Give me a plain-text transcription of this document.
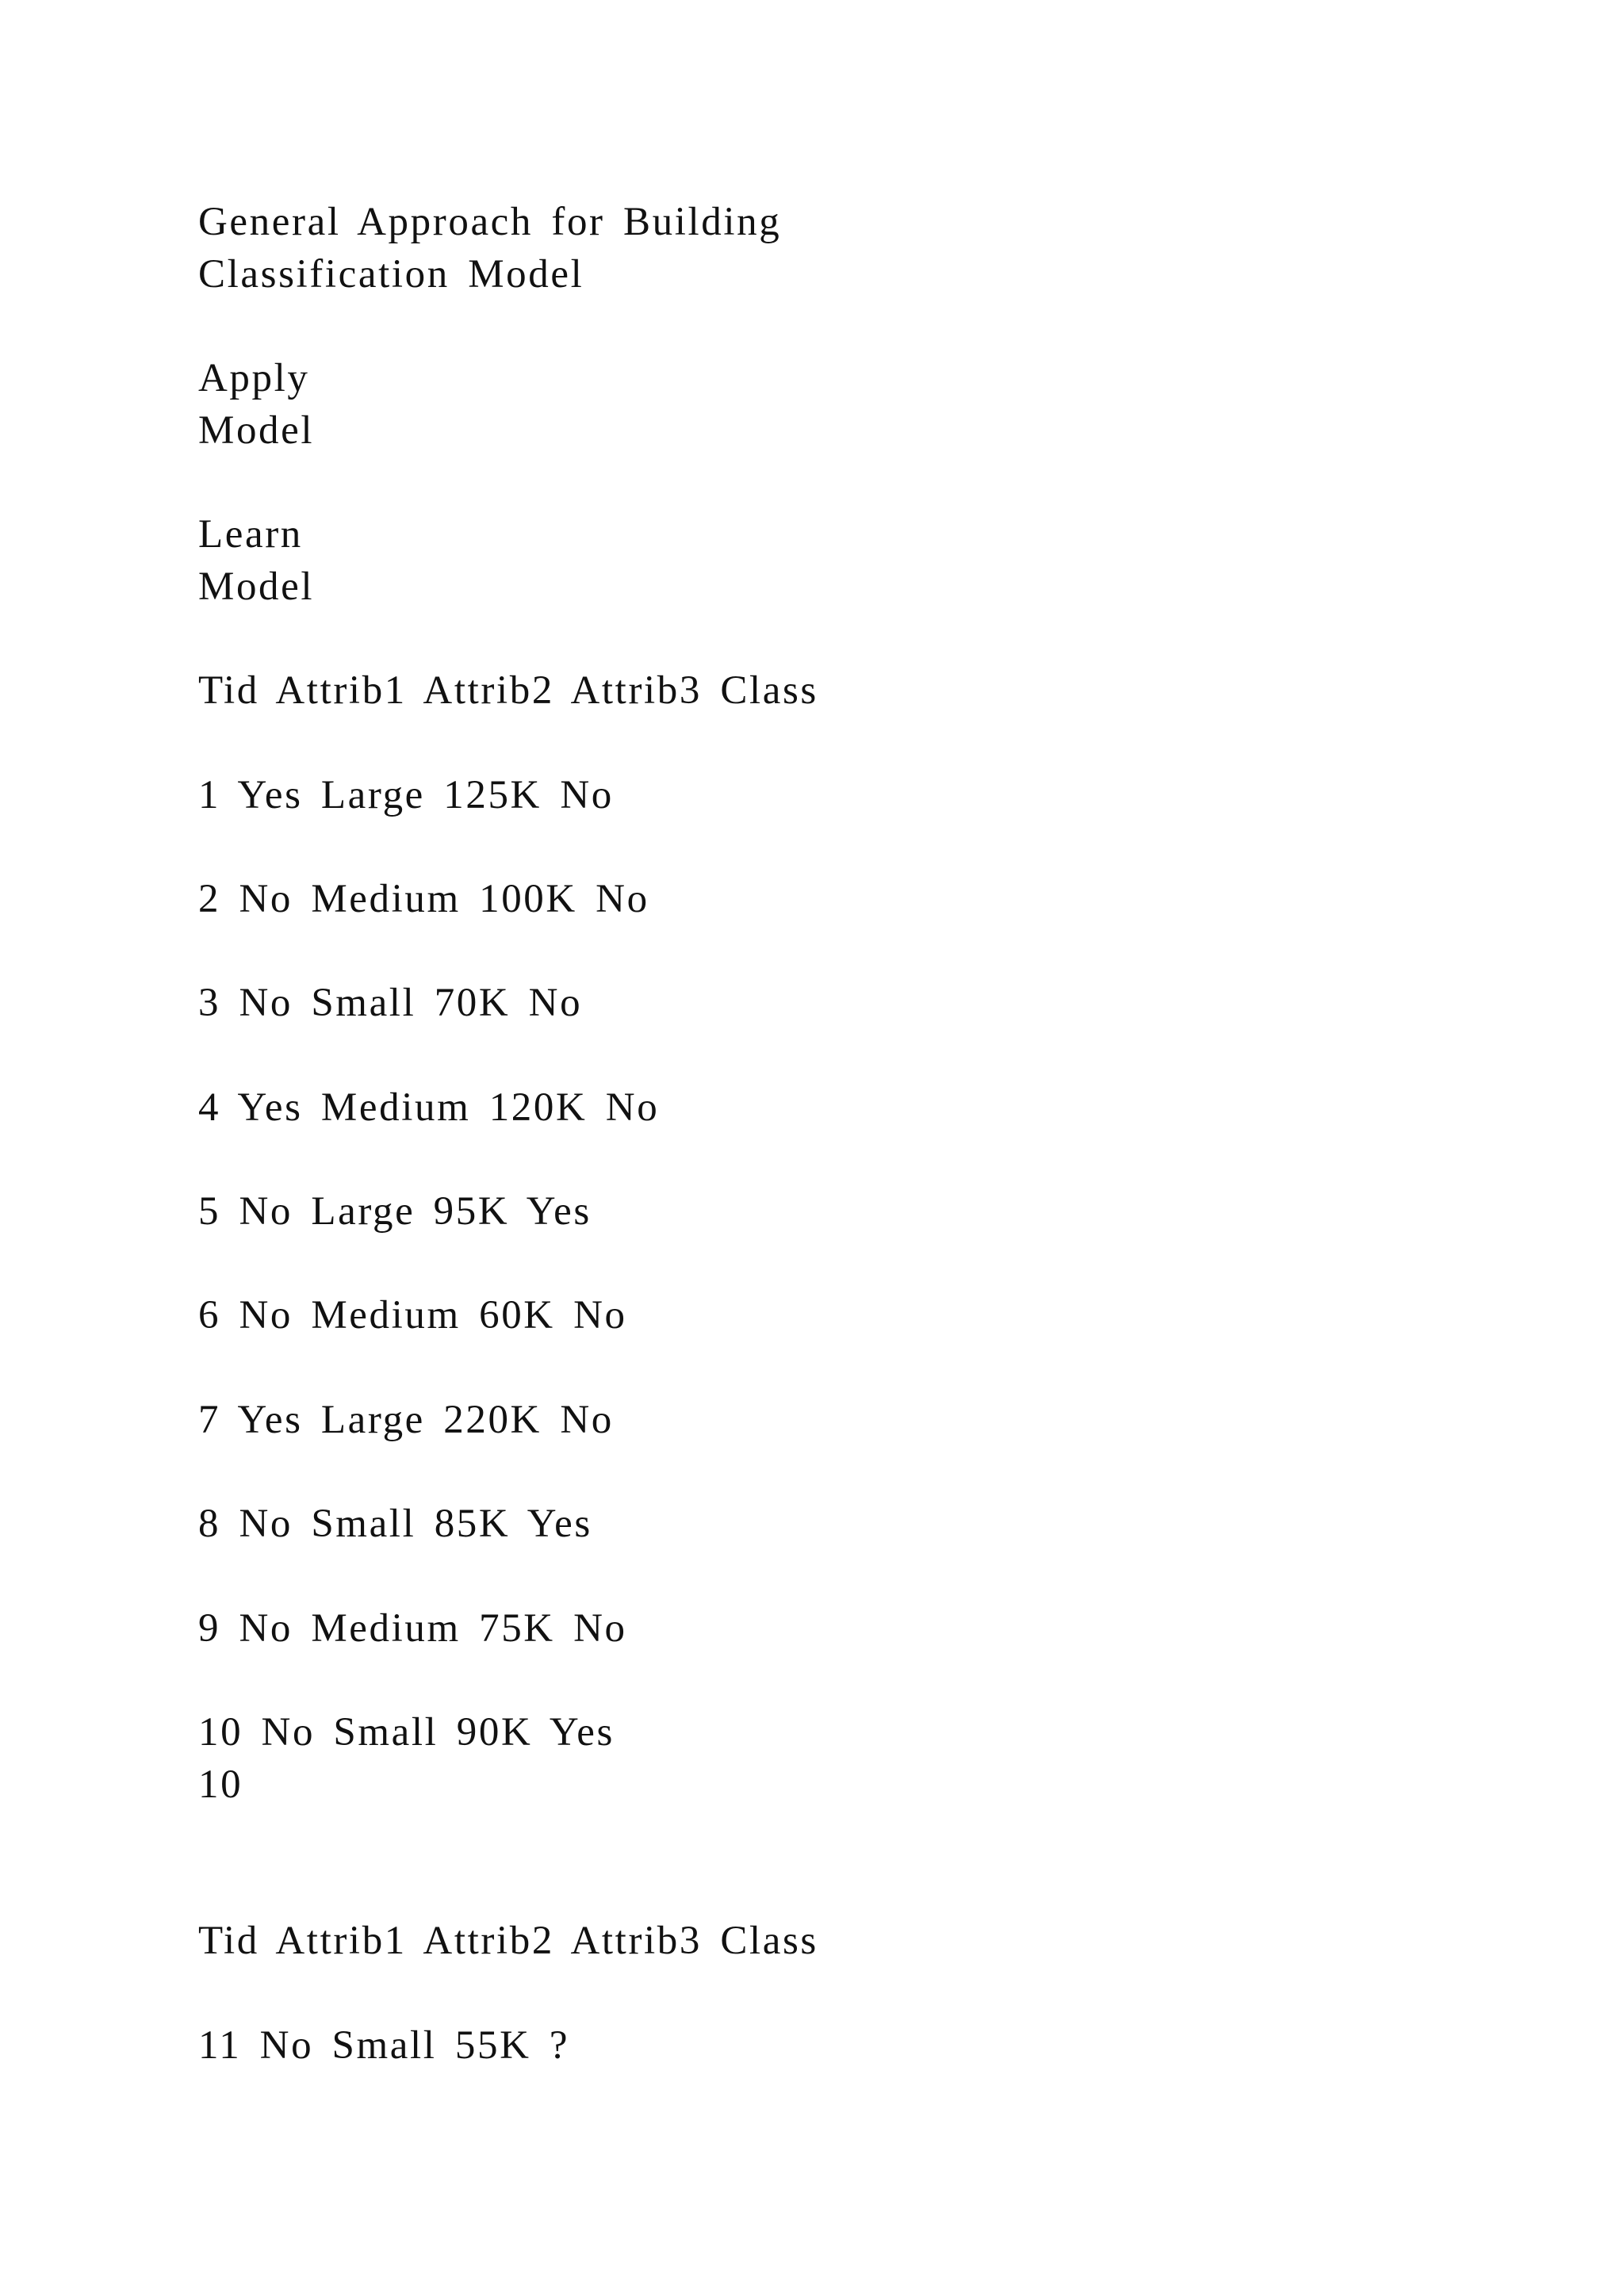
General Approach for Building

Classification Model

Apply

Model

Learn

Model

Tid Attrib1 Attrib2 Attrib3 Class

1 Yes Large 125K No

2 No Medium 100K No

3 No Small 70K No

4 Yes Medium 120K No

5 No Large 95K Yes

6 No Medium 60K No

7 Yes Large 220K No

8 No Small 85K Yes

9 No Medium 75K No

10 No Small 90K Yes

10

Tid Attrib1 Attrib2 Attrib3 Class

11 No Small 55K ?
